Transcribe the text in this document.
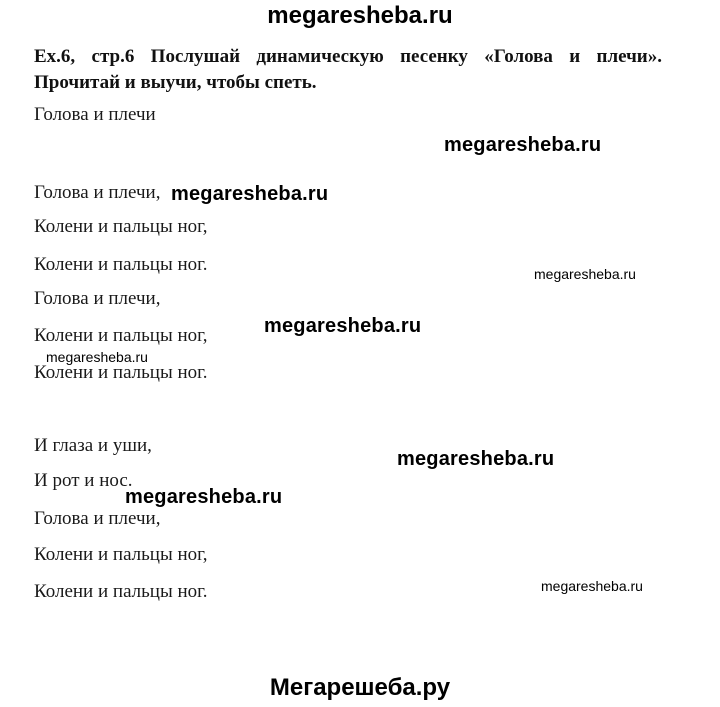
megaresheba.ru
Ex.6, стр.6 Послушай динамическую песенку «Голова и плечи». Прочитай и выучи, чтобы спеть.
Голова и плечи
Голова и плечи,
Колени и пальцы ног,
Колени и пальцы ног.
Голова и плечи,
Колени и пальцы ног,
Колени и пальцы ног.
И глаза и уши,
И рот и нос.
Голова и плечи,
Колени и пальцы ног,
Колени и пальцы ног.
megaresheba.ru
megaresheba.ru
megaresheba.ru
megaresheba.ru
megaresheba.ru
megaresheba.ru
megaresheba.ru
megaresheba.ru
Мегарешеба.ру
